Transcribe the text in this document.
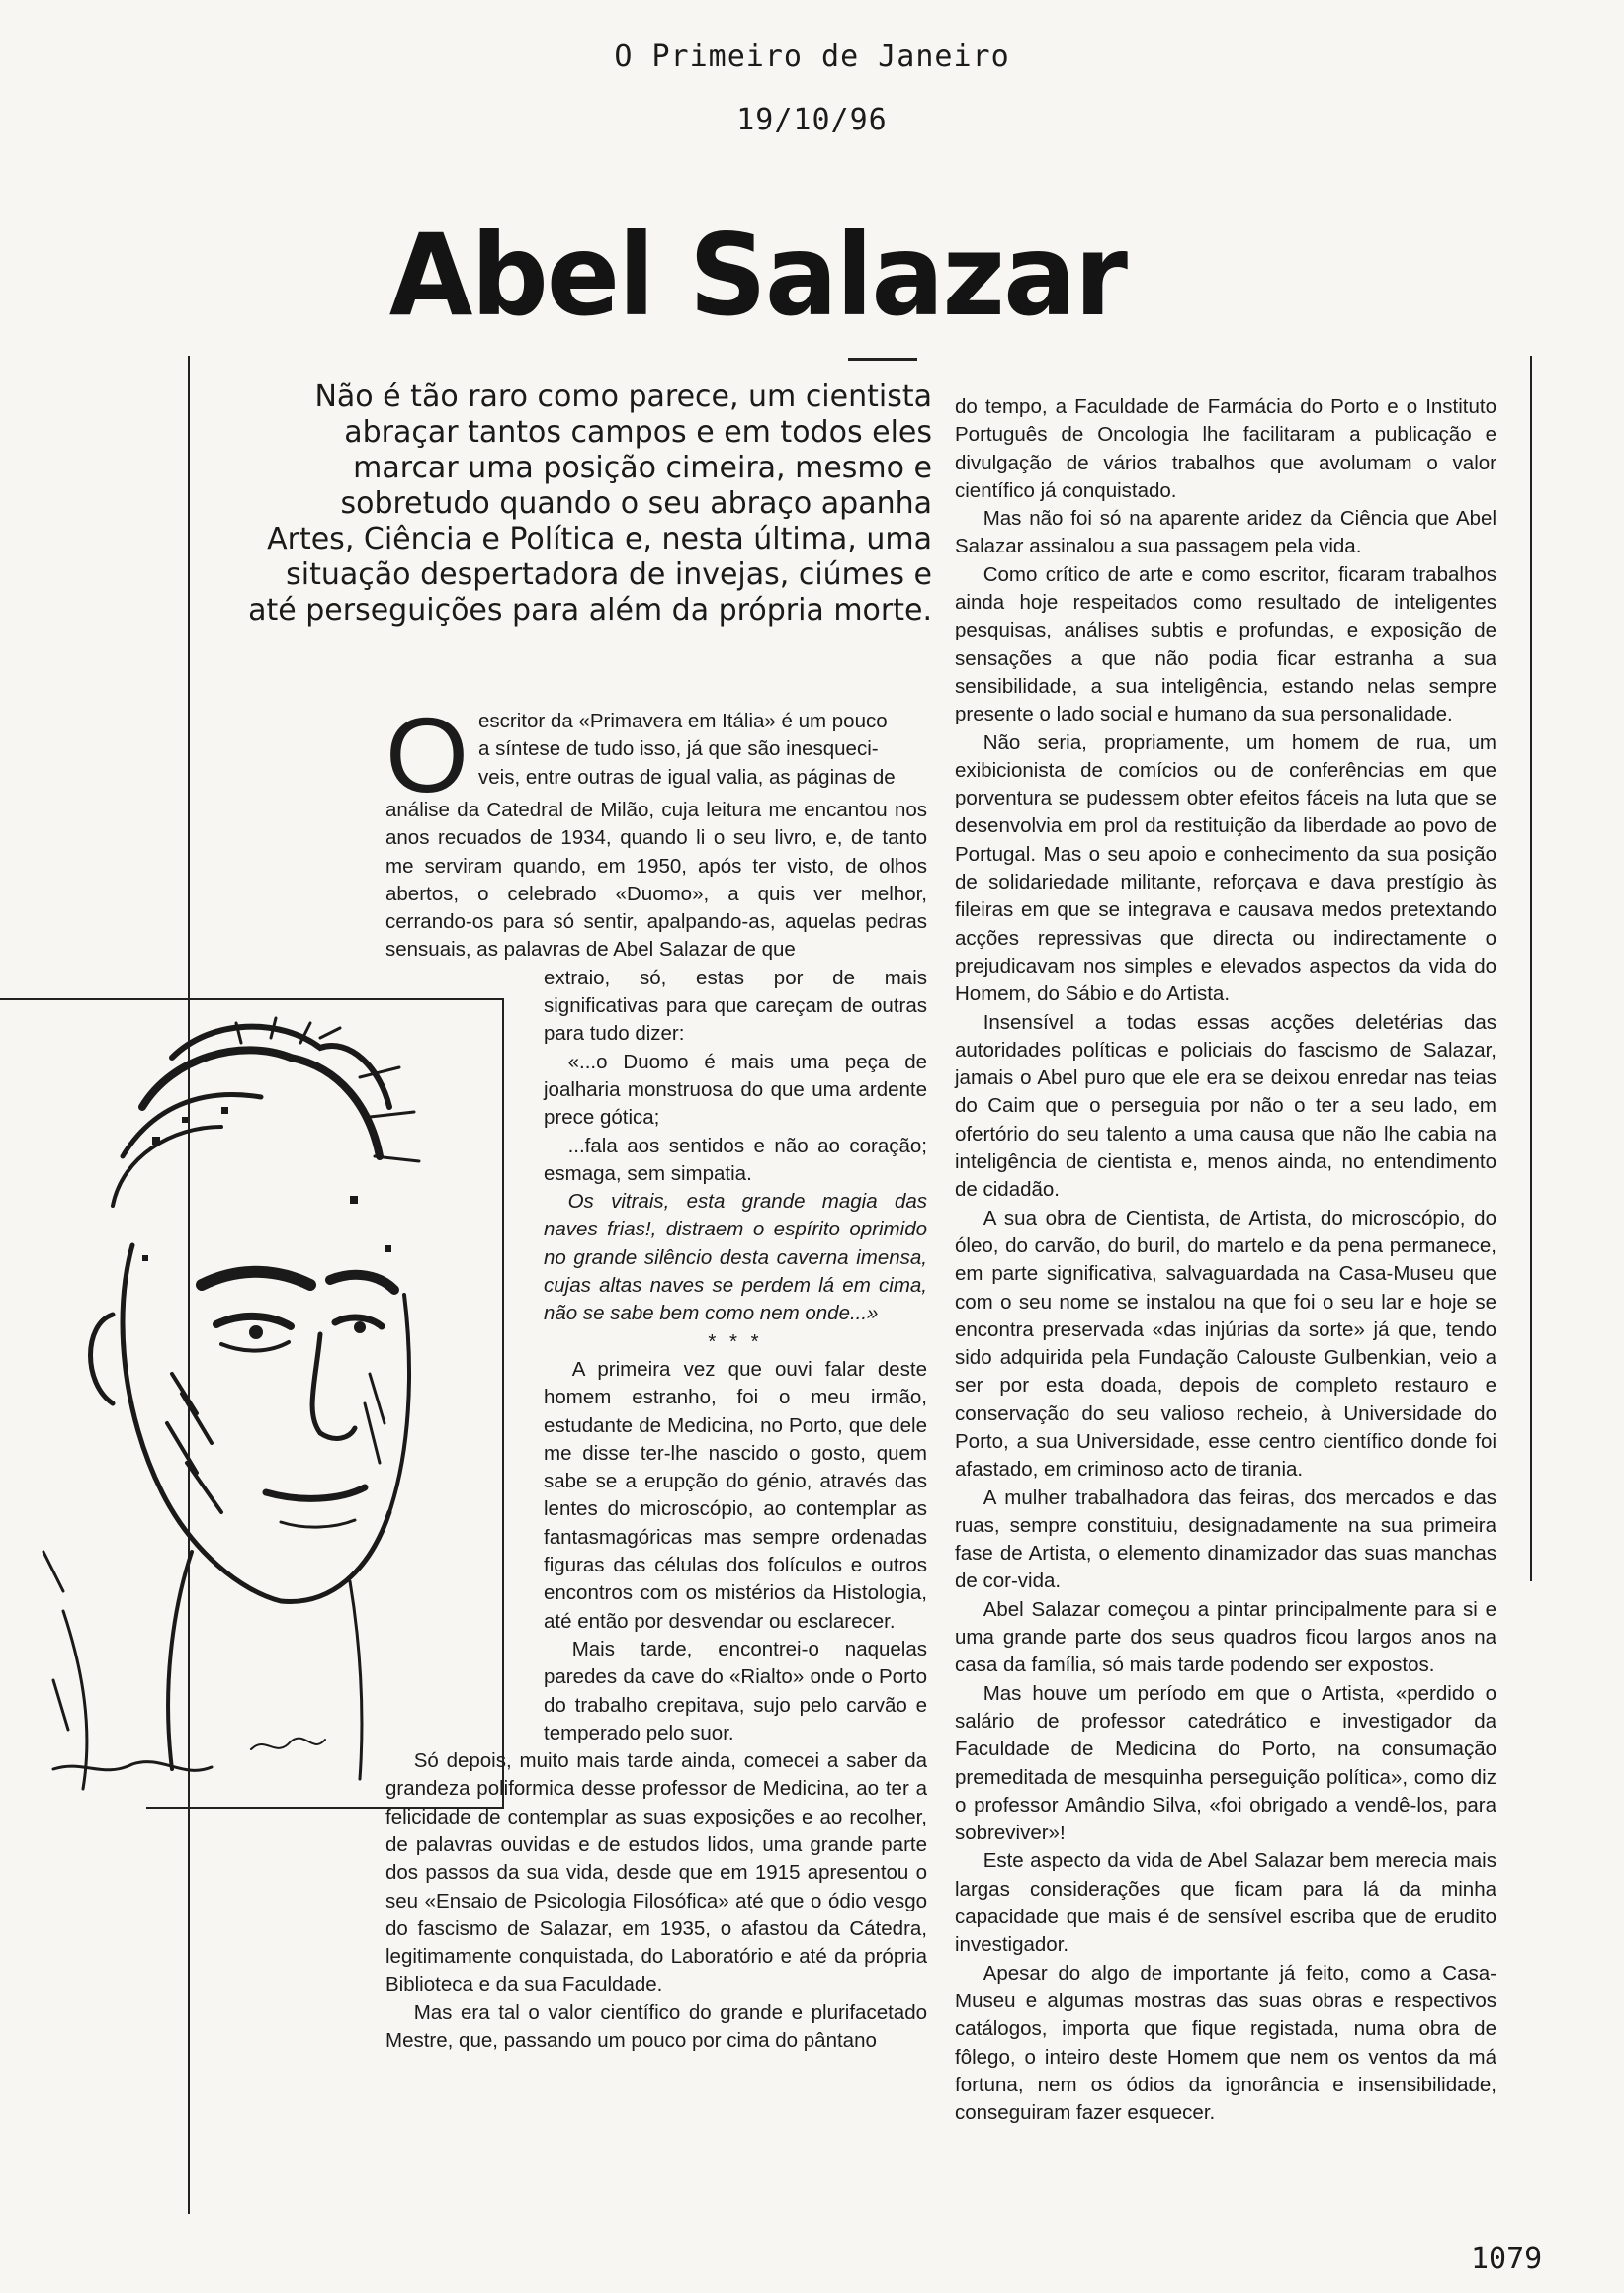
O Primeiro de Janeiro
19/10/96
Abel Salazar

Não é tão raro como parece, um cientista

abraçar tantos campos e em todos eles

marcar uma posição cimeira, mesmo e

sobretudo quando o seu abraço apanha

Artes, Ciência e Política e, nesta última, uma

situação despertadora de invejas, ciúmes e

até perseguições para além da própria morte.

O escritor da «Primavera em Itália» é um pouco

a síntese de tudo isso, já que são inesqueci-

veis, entre outras de igual valia, as páginas de

análise da Catedral de Milão, cuja leitura me encantou nos anos recuados de 1934, quando li o seu livro, e, de tanto me serviram quando, em 1950, após ter visto, de olhos abertos, o celebrado «Duomo», a quis ver melhor, cerrando-os para só sentir, apalpando-as, aquelas pedras sensuais, as palavras de Abel Salazar de que

extraio, só, estas por de mais significativas para que careçam de outras para tudo dizer:

«...o Duomo é mais uma peça de joalharia monstruosa do que uma ardente prece gótica;

...fala aos sentidos e não ao coração; esmaga, sem simpatia.

Os vitrais, esta grande magia das naves frias!, distraem o espírito oprimido no grande silêncio desta caverna imensa, cujas altas naves se perdem lá em cima, não se sabe bem como nem onde...»

* * *

A primeira vez que ouvi falar deste homem estranho, foi o meu irmão, estudante de Medicina, no Porto, que dele me disse ter-lhe nascido o gosto, quem sabe se a erupção do génio, através das lentes do microscópio, ao contemplar as fantasmagóricas mas sempre ordenadas figuras das células dos folículos e outros encontros com os mistérios da Histologia, até então por desvendar ou esclarecer.

Mais tarde, encontrei-o naquelas paredes da cave do «Rialto» onde o Porto do trabalho crepitava, sujo pelo carvão e temperado pelo suor.

Só depois, muito mais tarde ainda, comecei a saber da grandeza poliformica desse professor de Medicina, ao ter a felicidade de contemplar as suas exposições e ao recolher, de palavras ouvidas e de estudos lidos, uma grande parte dos passos da sua vida, desde que em 1915 apresentou o seu «Ensaio de Psicologia Filosófica» até que o ódio vesgo do fascismo de Salazar, em 1935, o afastou da Cátedra, legitimamente conquistada, do Laboratório e até da própria Biblioteca e da sua Faculdade.

Mas era tal o valor científico do grande e plurifacetado Mestre, que, passando um pouco por cima do pântano

do tempo, a Faculdade de Farmácia do Porto e o Instituto Português de Oncologia lhe facilitaram a publicação e divulgação de vários trabalhos que avolumam o valor científico já conquistado.

Mas não foi só na aparente aridez da Ciência que Abel Salazar assinalou a sua passagem pela vida.

Como crítico de arte e como escritor, ficaram trabalhos ainda hoje respeitados como resultado de inteligentes pesquisas, análises subtis e profundas, e exposição de sensações a que não podia ficar estranha a sua sensibilidade, a sua inteligência, estando nelas sempre presente o lado social e humano da sua personalidade.

Não seria, propriamente, um homem de rua, um exibicionista de comícios ou de conferências em que porventura se pudessem obter efeitos fáceis na luta que se desenvolvia em prol da restituição da liberdade ao povo de Portugal. Mas o seu apoio e conhecimento da sua posição de solidariedade militante, reforçava e dava prestígio às fileiras em que se integrava e causava medos pretextando acções repressivas que directa ou indirectamente o prejudicavam nos simples e elevados aspectos da vida do Homem, do Sábio e do Artista.

Insensível a todas essas acções deletérias das autoridades políticas e policiais do fascismo de Salazar, jamais o Abel puro que ele era se deixou enredar nas teias do Caim que o perseguia por não o ter a seu lado, em ofertório do seu talento a uma causa que não lhe cabia na inteligência de cientista e, menos ainda, no entendimento de cidadão.

A sua obra de Cientista, de Artista, do microscópio, do óleo, do carvão, do buril, do martelo e da pena permanece, em parte significativa, salvaguardada na Casa-Museu que com o seu nome se instalou na que foi o seu lar e hoje se encontra preservada «das injúrias da sorte» já que, tendo sido adquirida pela Fundação Calouste Gulbenkian, veio a ser por esta doada, depois de completo restauro e conservação do seu valioso recheio, à Universidade do Porto, a sua Universidade, esse centro científico donde foi afastado, em criminoso acto de tirania.

A mulher trabalhadora das feiras, dos mercados e das ruas, sempre constituiu, designadamente na sua primeira fase de Artista, o elemento dinamizador das suas manchas de cor-vida.

Abel Salazar começou a pintar principalmente para si e uma grande parte dos seus quadros ficou largos anos na casa da família, só mais tarde podendo ser expostos.

Mas houve um período em que o Artista, «perdido o salário de professor catedrático e investigador da Faculdade de Medicina do Porto, na consumação premeditada de mesquinha perseguição política», como diz o professor Amândio Silva, «foi obrigado a vendê-los, para sobreviver»!

Este aspecto da vida de Abel Salazar bem merecia mais largas considerações que ficam para lá da minha capacidade que mais é de sensível escriba que de erudito investigador.

Apesar do algo de importante já feito, como a Casa-Museu e algumas mostras das suas obras e respectivos catálogos, importa que fique registada, numa obra de fôlego, o inteiro deste Homem que nem os ventos da má fortuna, nem os ódios da ignorância e insensibilidade, conseguiram fazer esquecer.

1079
